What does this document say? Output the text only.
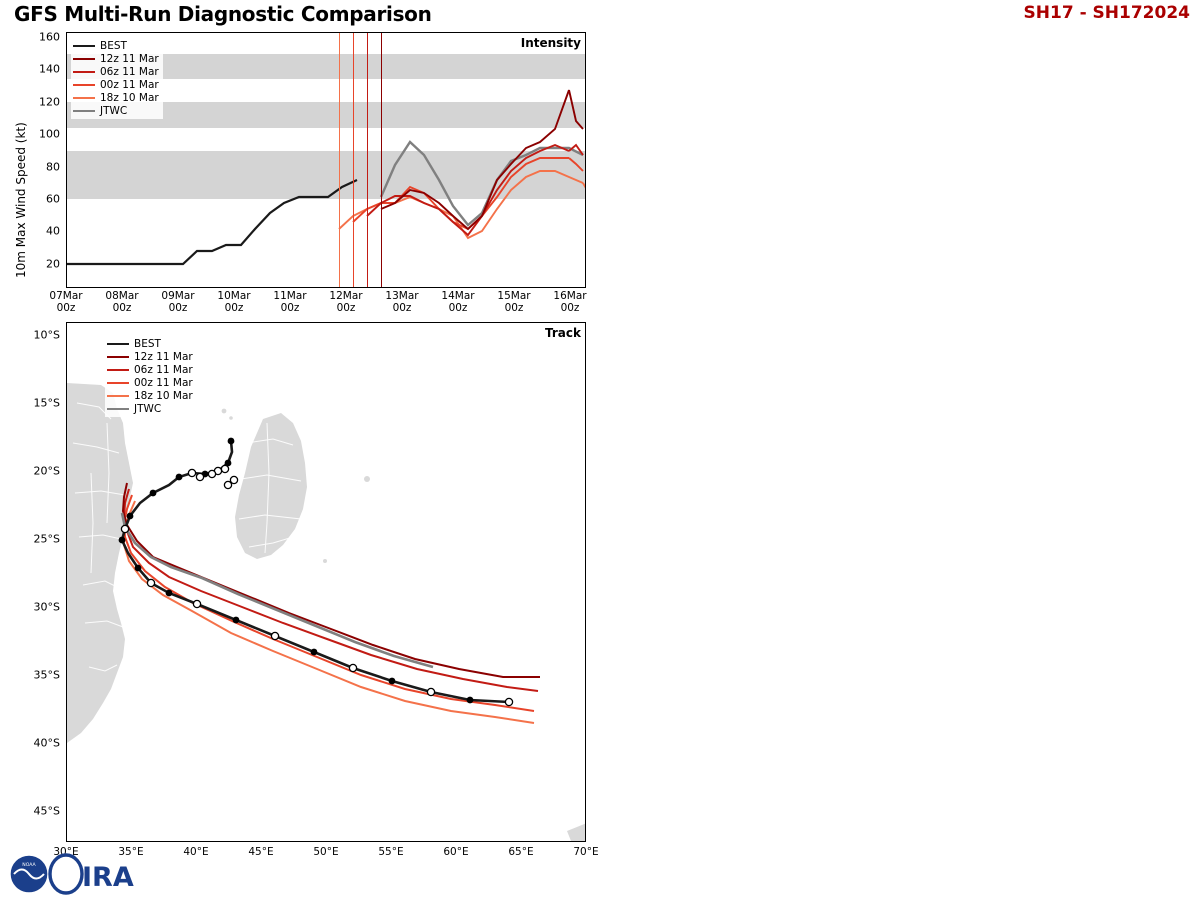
GFS Multi-Run Diagnostic Comparison	SH17 - SH172024
10m Max Wind Speed (kt)
Intensity
BEST
12z 11 Mar
06z 11 Mar
00z 11 Mar
18z 10 Mar
JTWC
20
40
60
80
100
120
140
160
07Mar
00z
08Mar
00z
09Mar
00z
10Mar
00z
11Mar
00z
12Mar
00z
13Mar
00z
14Mar
00z
15Mar
00z
16Mar
00z
Track
BEST
12z 11 Mar
06z 11 Mar
00z 11 Mar
18z 10 Mar
JTWC
10°S
15°S
20°S
25°S
30°S
35°S
40°S
45°S
30°E	35°E	40°E	45°E	50°E	55°E	60°E	65°E	70°E
NOAA IRA
